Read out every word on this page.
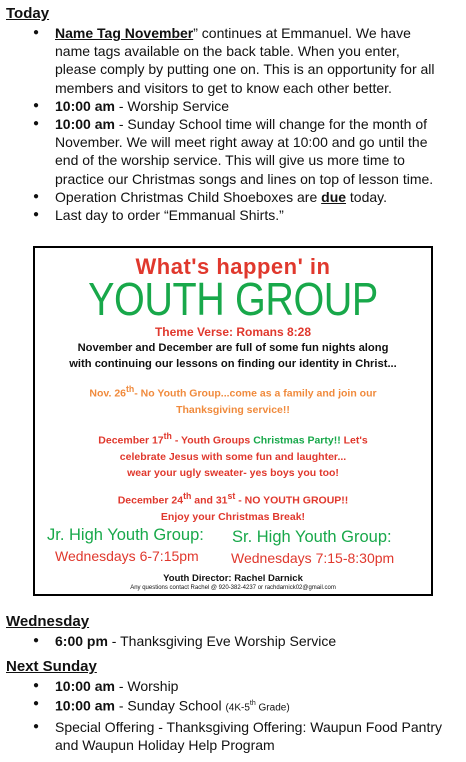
Today
● Name Tag November” continues at Emmanuel. We have name tags available on the back table. When you enter, please comply by putting one on. This is an opportunity for all members and visitors to get to know each other better.
● 10:00 am - Worship Service
● 10:00 am - Sunday School time will change for the month of November. We will meet right away at 10:00 and go until the end of the worship service. This will give us more time to practice our Christmas songs and lines on top of lesson time.
● Operation Christmas Child Shoeboxes are due today.
● Last day to order “Emmanual Shirts.”
What's happen' in
YOUTH GROUP
Theme Verse: Romans 8:28
November and December are full of some fun nights along
with continuing our lessons on finding our identity in Christ...
Nov. 26th- No Youth Group...come as a family and join our
Thanksgiving service!!
December 17th - Youth Groups Christmas Party!! Let's
celebrate Jesus with some fun and laughter...
wear your ugly sweater- yes boys you too!
December 24th and 31st - NO YOUTH GROUP!!
Enjoy your Christmas Break!
Jr. High Youth Group:
Wednesdays 6-7:15pm
Sr. High Youth Group:
Wednesdays 7:15-8:30pm
Youth Director: Rachel Darnick
Any questions contact Rachel @ 920-382-4237 or rachdarnick02@gmail.com
Wednesday
● 6:00 pm - Thanksgiving Eve Worship Service
Next Sunday
● 10:00 am - Worship
● 10:00 am - Sunday School (4K-5th Grade)
● Special Offering - Thanksgiving Offering: Waupun Food Pantry and Waupun Holiday Help Program
